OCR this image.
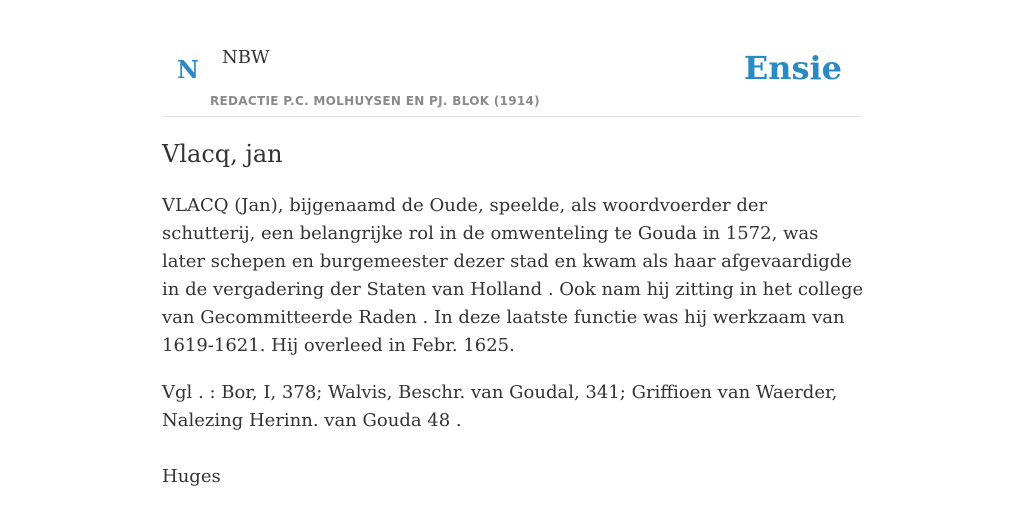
N NBW
REDACTIE P.C. MOLHUYSEN EN PJ. BLOK (1914)
Ensie
Vlacq, jan

VLACQ (Jan), bijgenaamd de Oude, speelde, als woordvoerder der schutterij, een belangrijke rol in de omwenteling te Gouda in 1572, was later schepen en burgemeester dezer stad en kwam als haar afgevaardigde in de vergadering der Staten van Holland . Ook nam hij zitting in het college van Gecommitteerde Raden . In deze laatste functie was hij werkzaam van 1619-1621. Hij overleed in Febr. 1625.

Vgl . : Bor, I, 378; Walvis, Beschr. van Goudal, 341; Griffioen van Waerder, Nalezing Herinn. van Gouda 48 .

Huges
